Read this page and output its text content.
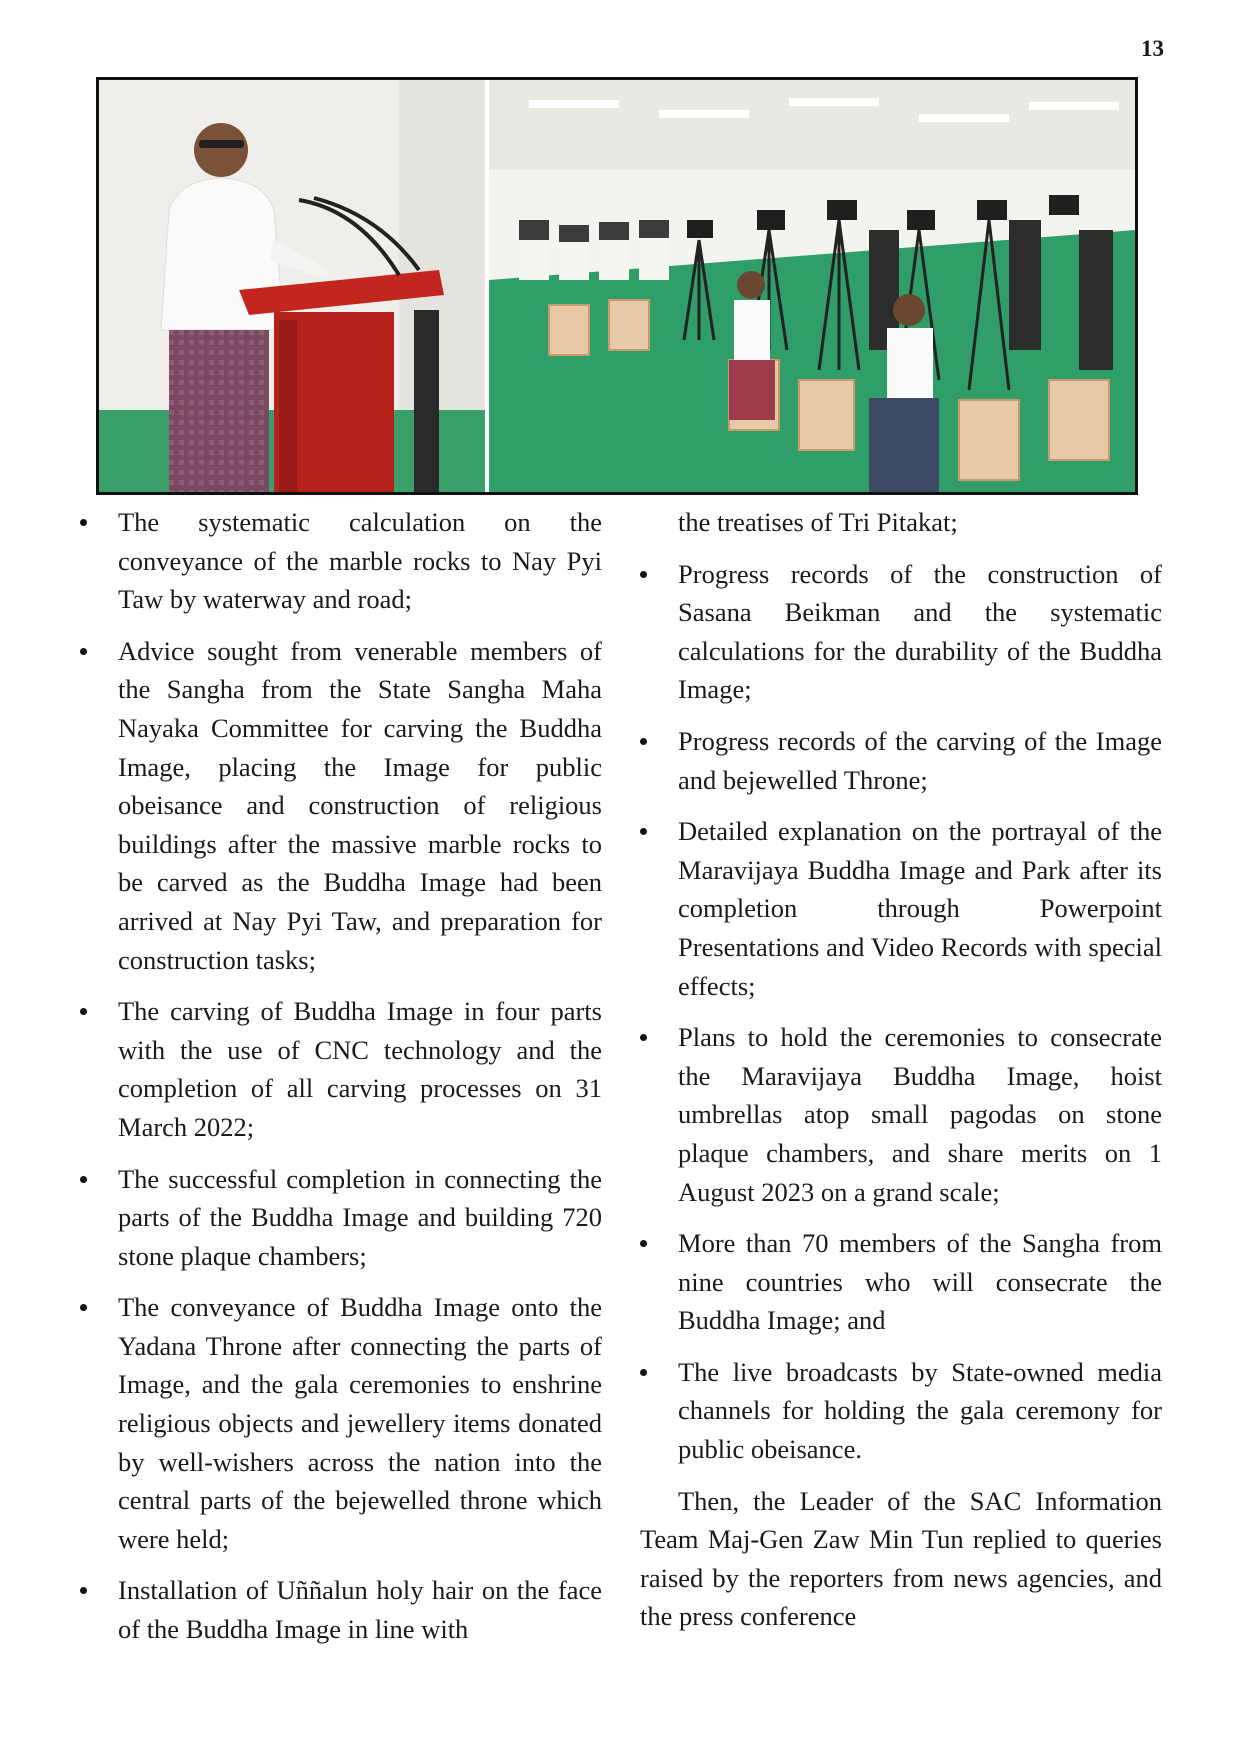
13
The systematic calculation on the conveyance of the marble rocks to Nay Pyi Taw by waterway and road;
Advice sought from venerable members of the Sangha from the State Sangha Maha Nayaka Committee for carving the Buddha Image, placing the Image for public obeisance and construction of religious buildings after the massive marble rocks to be carved as the Buddha Image had been arrived at Nay Pyi Taw, and preparation for construction tasks;
The carving of Buddha Image in four parts with the use of CNC technology and the completion of all carving processes on 31 March 2022;
The successful completion in connecting the parts of the Buddha Image and building 720 stone plaque chambers;
The conveyance of Buddha Image onto the Yadana Throne after connecting the parts of Image, and the gala ceremonies to enshrine religious objects and jewellery items donated by well-wishers across the nation into the central parts of the bejewelled throne which were held;
Installation of Uññalun holy hair on the face of the Buddha Image in line with
the treatises of Tri Pitakat;
Progress records of the construction of Sasana Beikman and the systematic calculations for the durability of the Buddha Image;
Progress records of the carving of the Image and bejewelled Throne;
Detailed explanation on the portrayal of the Maravijaya Buddha Image and Park after its completion through Powerpoint Presentations and Video Records with special effects;
Plans to hold the ceremonies to consecrate the Maravijaya Buddha Image, hoist umbrellas atop small pagodas on stone plaque chambers, and share merits on 1 August 2023 on a grand scale;
More than 70 members of the Sangha from nine countries who will consecrate the Buddha Image; and
The live broadcasts by State-owned media channels for holding the gala ceremony for public obeisance.

Then, the Leader of the SAC Information Team Maj-Gen Zaw Min Tun replied to queries raised by the reporters from news agencies, and the press conference
